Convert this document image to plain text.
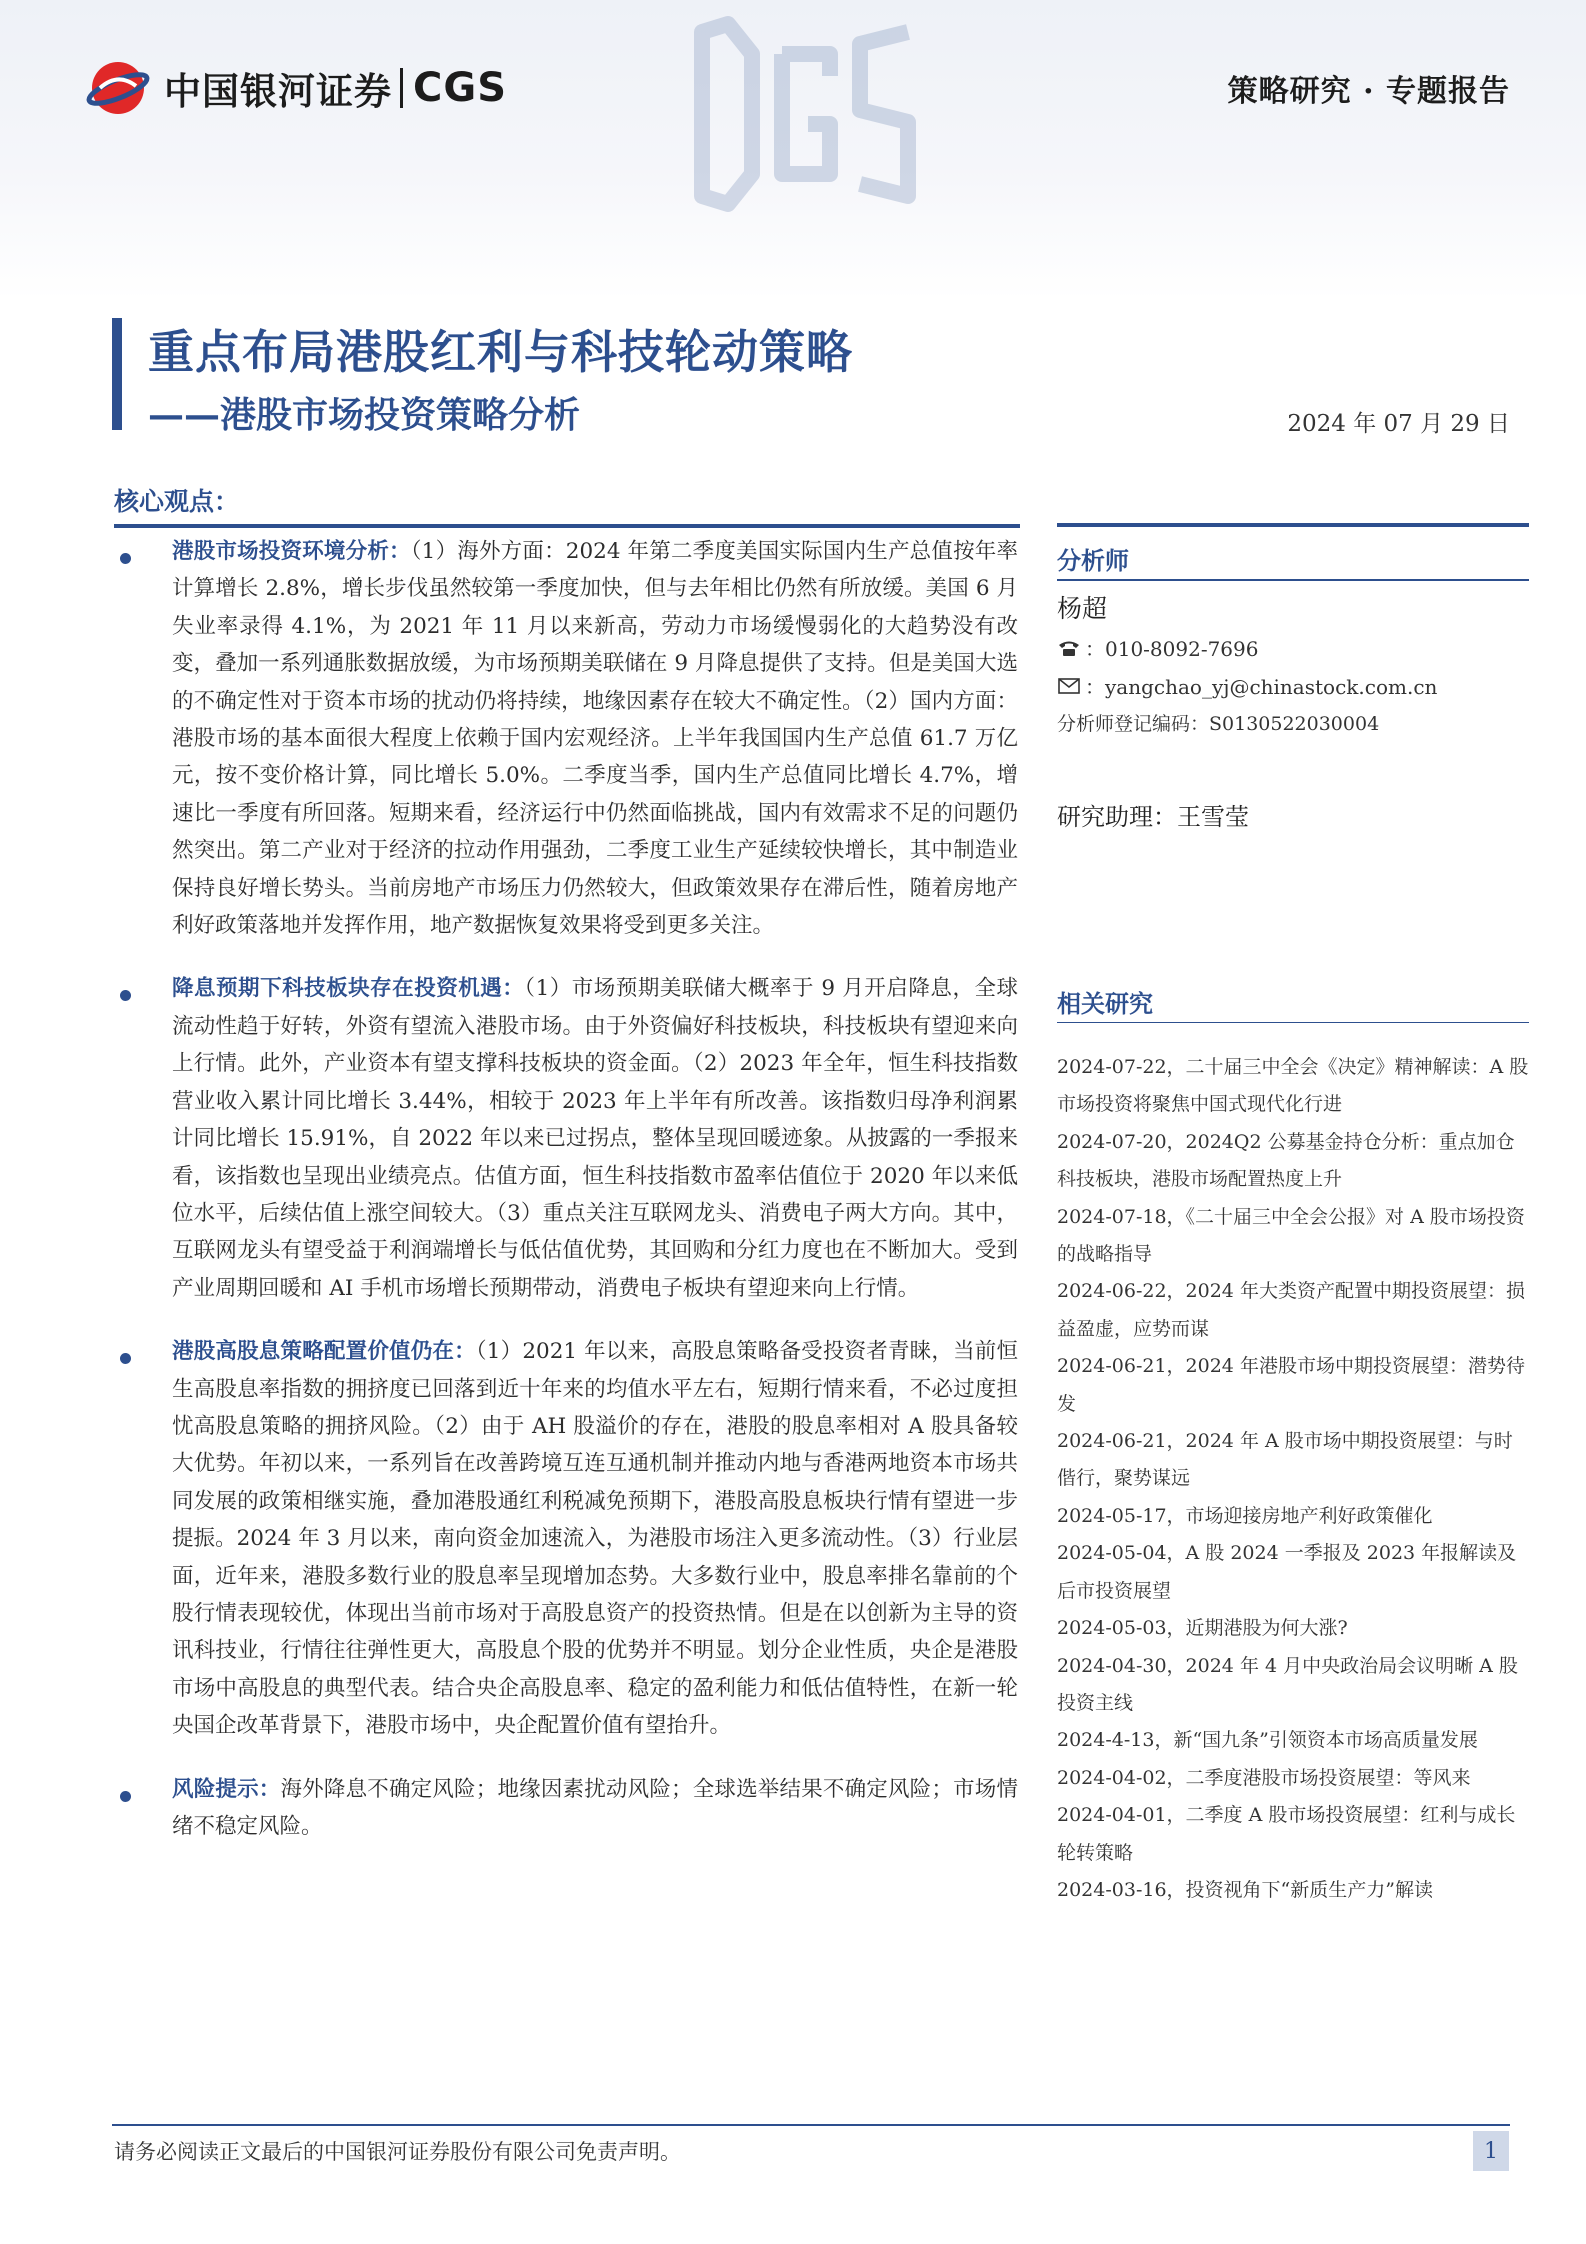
中国银河证券 CGS	策略研究 · 专题报告
重点布局港股红利与科技轮动策略
——港股市场投资策略分析	2024 年 07 月 29 日
核心观点：
港股市场投资环境分析：（1）海外方面：2024 年第二季度美国实际国内生产总值按年率计算增长 2.8%，增长步伐虽然较第一季度加快，但与去年相比仍然有所放缓。美国 6 月失业率录得 4.1%，为 2021 年 11 月以来新高，劳动力市场缓慢弱化的大趋势没有改变，叠加一系列通胀数据放缓，为市场预期美联储在 9 月降息提供了支持。但是美国大选的不确定性对于资本市场的扰动仍将持续，地缘因素存在较大不确定性。（2）国内方面：港股市场的基本面很大程度上依赖于国内宏观经济。上半年我国国内生产总值 61.7 万亿元，按不变价格计算，同比增长 5.0%。二季度当季，国内生产总值同比增长 4.7%，增速比一季度有所回落。短期来看，经济运行中仍然面临挑战，国内有效需求不足的问题仍然突出。第二产业对于经济的拉动作用强劲，二季度工业生产延续较快增长，其中制造业保持良好增长势头。当前房地产市场压力仍然较大，但政策效果存在滞后性，随着房地产利好政策落地并发挥作用，地产数据恢复效果将受到更多关注。
降息预期下科技板块存在投资机遇：（1）市场预期美联储大概率于 9 月开启降息，全球流动性趋于好转，外资有望流入港股市场。由于外资偏好科技板块，科技板块有望迎来向上行情。此外，产业资本有望支撑科技板块的资金面。（2）2023 年全年，恒生科技指数营业收入累计同比增长 3.44%，相较于 2023 年上半年有所改善。该指数归母净利润累计同比增长 15.91%，自 2022 年以来已过拐点，整体呈现回暖迹象。从披露的一季报来看，该指数也呈现出业绩亮点。估值方面，恒生科技指数市盈率估值位于 2020 年以来低位水平，后续估值上涨空间较大。（3）重点关注互联网龙头、消费电子两大方向。其中，互联网龙头有望受益于利润端增长与低估值优势，其回购和分红力度也在不断加大。受到产业周期回暖和 AI 手机市场增长预期带动，消费电子板块有望迎来向上行情。
港股高股息策略配置价值仍在：（1）2021 年以来，高股息策略备受投资者青睐，当前恒生高股息率指数的拥挤度已回落到近十年来的均值水平左右，短期行情来看，不必过度担忧高股息策略的拥挤风险。（2）由于 AH 股溢价的存在，港股的股息率相对 A 股具备较大优势。年初以来，一系列旨在改善跨境互连互通机制并推动内地与香港两地资本市场共同发展的政策相继实施，叠加港股通红利税减免预期下，港股高股息板块行情有望进一步提振。2024 年 3 月以来，南向资金加速流入，为港股市场注入更多流动性。（3）行业层面，近年来，港股多数行业的股息率呈现增加态势。大多数行业中，股息率排名靠前的个股行情表现较优，体现出当前市场对于高股息资产的投资热情。但是在以创新为主导的资讯科技业，行情往往弹性更大，高股息个股的优势并不明显。划分企业性质，央企是港股市场中高股息的典型代表。结合央企高股息率、稳定的盈利能力和低估值特性，在新一轮央国企改革背景下，港股市场中，央企配置价值有望抬升。
风险提示：海外降息不确定风险；地缘因素扰动风险；全球选举结果不确定风险；市场情绪不稳定风险。
分析师
杨超
：010-8092-7696
：yangchao_yj@chinastock.com.cn
分析师登记编码：S0130522030004
研究助理：王雪莹
相关研究
2024-07-22，二十届三中全会《决定》精神解读：A 股市场投资将聚焦中国式现代化行进
2024-07-20，2024Q2 公募基金持仓分析：重点加仓科技板块，港股市场配置热度上升
2024-07-18，《二十届三中全会公报》对 A 股市场投资的战略指导
2024-06-22，2024 年大类资产配置中期投资展望：损益盈虚，应势而谋
2024-06-21，2024 年港股市场中期投资展望：潜势待发
2024-06-21，2024 年 A 股市场中期投资展望：与时偕行，聚势谋远
2024-05-17，市场迎接房地产利好政策催化
2024-05-04，A 股 2024 一季报及 2023 年报解读及后市投资展望
2024-05-03，近期港股为何大涨?
2024-04-30，2024 年 4 月中央政治局会议明晰 A 股投资主线
2024-4-13，新“国九条”引领资本市场高质量发展
2024-04-02，二季度港股市场投资展望：等风来
2024-04-01，二季度 A 股市场投资展望：红利与成长轮转策略
2024-03-16，投资视角下“新质生产力”解读
请务必阅读正文最后的中国银河证券股份有限公司免责声明。	1
